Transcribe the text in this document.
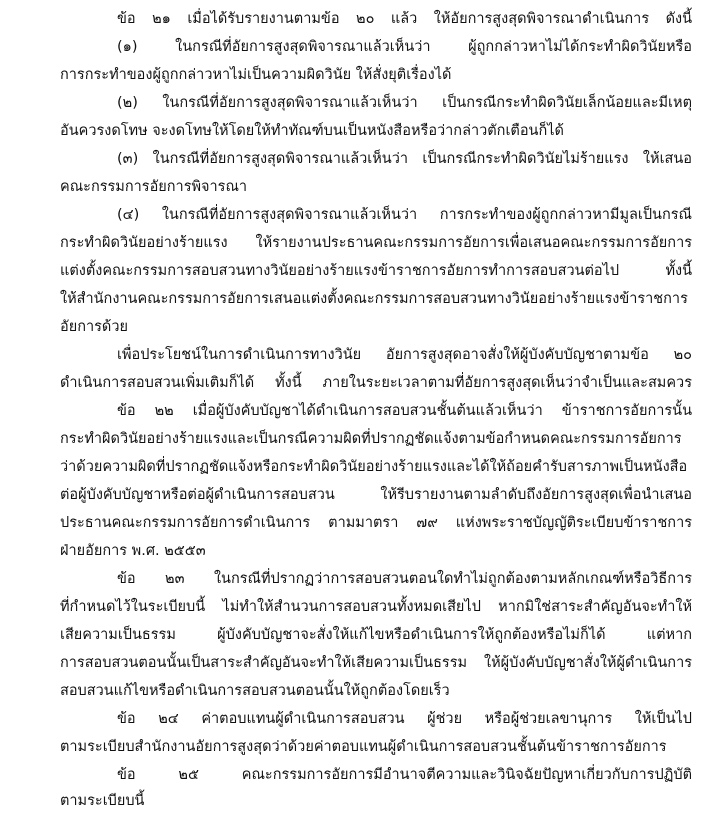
ข้อ ๒๑ เมื่อได้รับรายงานตามข้อ ๒๐ แล้ว ให้อัยการสูงสุดพิจารณาดำเนินการ ดังนี้
(๑) ในกรณีที่อัยการสูงสุดพิจารณาแล้วเห็นว่า ผู้ถูกกล่าวหาไม่ได้กระทำผิดวินัยหรือ
การกระทำของผู้ถูกกล่าวหาไม่เป็นความผิดวินัย ให้สั่งยุติเรื่องได้
(๒) ในกรณีที่อัยการสูงสุดพิจารณาแล้วเห็นว่า เป็นกรณีกระทำผิดวินัยเล็กน้อยและมีเหตุ
อันควรงดโทษ จะงดโทษให้โดยให้ทำทัณฑ์บนเป็นหนังสือหรือว่ากล่าวตักเตือนก็ได้
(๓) ในกรณีที่อัยการสูงสุดพิจารณาแล้วเห็นว่า เป็นกรณีกระทำผิดวินัยไม่ร้ายแรง ให้เสนอ
คณะกรรมการอัยการพิจารณา
(๔) ในกรณีที่อัยการสูงสุดพิจารณาแล้วเห็นว่า การกระทำของผู้ถูกกล่าวหามีมูลเป็นกรณี
กระทำผิดวินัยอย่างร้ายแรง ให้รายงานประธานคณะกรรมการอัยการเพื่อเสนอคณะกรรมการอัยการ
แต่งตั้งคณะกรรมการสอบสวนทางวินัยอย่างร้ายแรงข้าราชการอัยการทำการสอบสวนต่อไป ทั้งนี้
ให้สำนักงานคณะกรรมการอัยการเสนอแต่งตั้งคณะกรรมการสอบสวนทางวินัยอย่างร้ายแรงข้าราชการ
อัยการด้วย
เพื่อประโยชน์ในการดำเนินการทางวินัย อัยการสูงสุดอาจสั่งให้ผู้บังคับบัญชาตามข้อ ๒๐
ดำเนินการสอบสวนเพิ่มเติมก็ได้ ทั้งนี้ ภายในระยะเวลาตามที่อัยการสูงสุดเห็นว่าจำเป็นและสมควร
ข้อ ๒๒ เมื่อผู้บังคับบัญชาได้ดำเนินการสอบสวนชั้นต้นแล้วเห็นว่า ข้าราชการอัยการนั้น
กระทำผิดวินัยอย่างร้ายแรงและเป็นกรณีความผิดที่ปรากฏชัดแจ้งตามข้อกำหนดคณะกรรมการอัยการ
ว่าด้วยความผิดที่ปรากฏชัดแจ้งหรือกระทำผิดวินัยอย่างร้ายแรงและได้ให้ถ้อยคำรับสารภาพเป็นหนังสือ
ต่อผู้บังคับบัญชาหรือต่อผู้ดำเนินการสอบสวน ให้รีบรายงานตามลำดับถึงอัยการสูงสุดเพื่อนำเสนอ
ประธานคณะกรรมการอัยการดำเนินการ ตามมาตรา ๗๙ แห่งพระราชบัญญัติระเบียบข้าราชการ
ฝ่ายอัยการ พ.ศ. ๒๕๕๓
ข้อ ๒๓ ในกรณีที่ปรากฏว่าการสอบสวนตอนใดทำไม่ถูกต้องตามหลักเกณฑ์หรือวิธีการ
ที่กำหนดไว้ในระเบียบนี้ ไม่ทำให้สำนวนการสอบสวนทั้งหมดเสียไป หากมิใช่สาระสำคัญอันจะทำให้
เสียความเป็นธรรม ผู้บังคับบัญชาจะสั่งให้แก้ไขหรือดำเนินการให้ถูกต้องหรือไม่ก็ได้ แต่หาก
การสอบสวนตอนนั้นเป็นสาระสำคัญอันจะทำให้เสียความเป็นธรรม ให้ผู้บังคับบัญชาสั่งให้ผู้ดำเนินการ
สอบสวนแก้ไขหรือดำเนินการสอบสวนตอนนั้นให้ถูกต้องโดยเร็ว
ข้อ ๒๔ ค่าตอบแทนผู้ดำเนินการสอบสวน ผู้ช่วย หรือผู้ช่วยเลขานุการ ให้เป็นไป
ตามระเบียบสำนักงานอัยการสูงสุดว่าด้วยค่าตอบแทนผู้ดำเนินการสอบสวนชั้นต้นข้าราชการอัยการ
ข้อ ๒๕ คณะกรรมการอัยการมีอำนาจตีความและวินิจฉัยปัญหาเกี่ยวกับการปฏิบัติ
ตามระเบียบนี้
